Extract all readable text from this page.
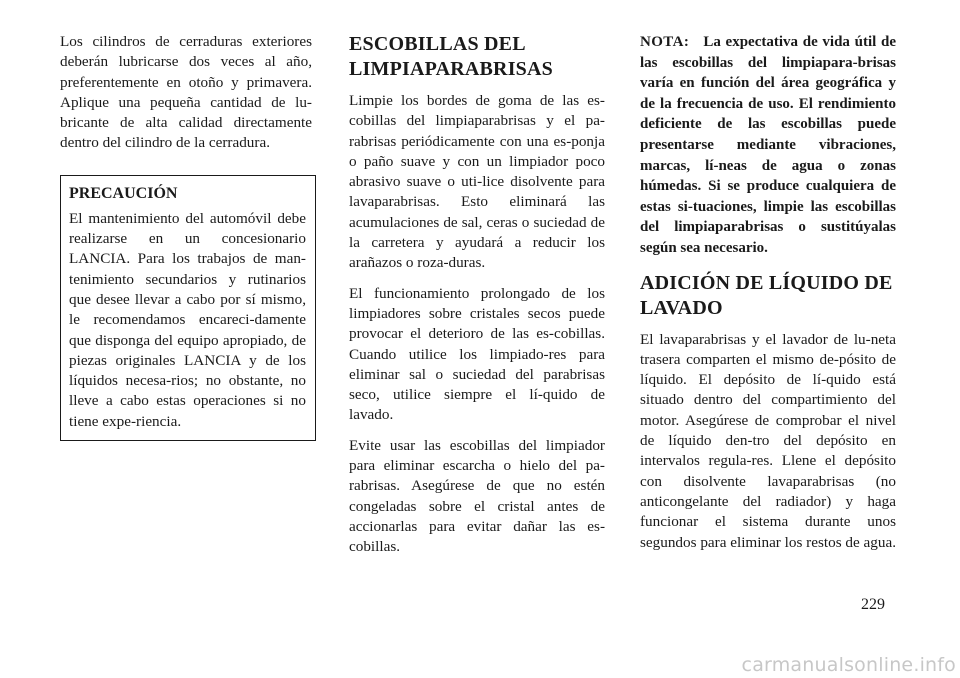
Los cilindros de cerraduras exteriores deberán lubricarse dos veces al año, preferentemente en otoño y primavera. Aplique una pequeña cantidad de lu-bricante de alta calidad directamente dentro del cilindro de la cerradura.

PRECAUCIÓN

El mantenimiento del automóvil debe realizarse en un concesionario LANCIA. Para los trabajos de man-tenimiento secundarios y rutinarios que desee llevar a cabo por sí mismo, le recomendamos encareci-damente que disponga del equipo apropiado, de piezas originales LANCIA y de los líquidos necesa-rios; no obstante, no lleve a cabo estas operaciones si no tiene expe-riencia.

ESCOBILLAS DEL LIMPIAPARABRISAS

Limpie los bordes de goma de las es-cobillas del limpiaparabrisas y el pa-rabrisas periódicamente con una es-ponja o paño suave y con un limpiador poco abrasivo suave o uti-lice disolvente para lavaparabrisas. Esto eliminará las acumulaciones de sal, ceras o suciedad de la carretera y ayudará a reducir los arañazos o roza-duras.

El funcionamiento prolongado de los limpiadores sobre cristales secos puede provocar el deterioro de las es-cobillas. Cuando utilice los limpiado-res para eliminar sal o suciedad del parabrisas seco, utilice siempre el lí-quido de lavado.

Evite usar las escobillas del limpiador para eliminar escarcha o hielo del pa-rabrisas. Asegúrese de que no estén congeladas sobre el cristal antes de accionarlas para evitar dañar las es-cobillas.

NOTA: La expectativa de vida útil de las escobillas del limpiapara-brisas varía en función del área geográfica y de la frecuencia de uso. El rendimiento deficiente de las escobillas puede presentarse mediante vibraciones, marcas, lí-neas de agua o zonas húmedas. Si se produce cualquiera de estas si-tuaciones, limpie las escobillas del limpiaparabrisas o sustitúyalas según sea necesario.

ADICIÓN DE LÍQUIDO DE LAVADO

El lavaparabrisas y el lavador de lu-neta trasera comparten el mismo de-pósito de líquido. El depósito de lí-quido está situado dentro del compartimiento del motor. Asegúrese de comprobar el nivel de líquido den-tro del depósito en intervalos regula-res. Llene el depósito con disolvente lavaparabrisas (no anticongelante del radiador) y haga funcionar el sistema durante unos segundos para eliminar los restos de agua.

229
carmanualsonline.info
